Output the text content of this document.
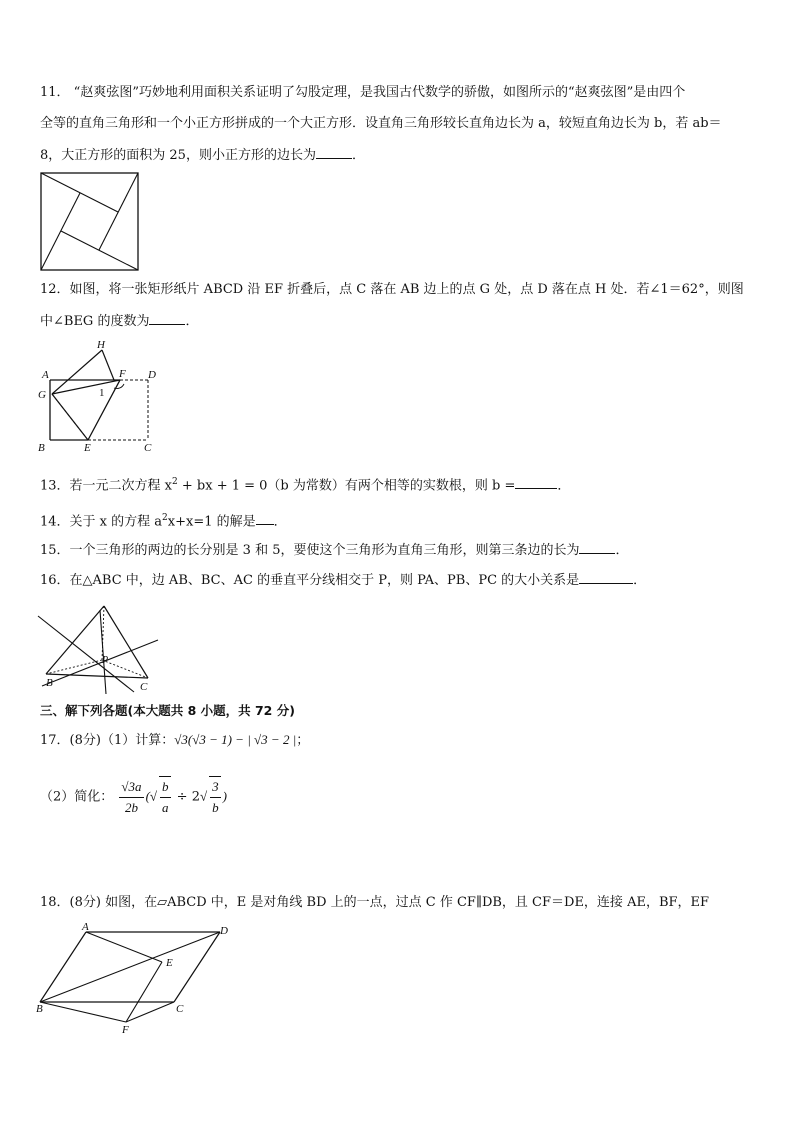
11． “赵爽弦图”巧妙地利用面积关系证明了勾股定理，是我国古代数学的骄傲，如图所示的“赵爽弦图”是由四个
全等的直角三角形和一个小正方形拼成的一个大正方形．设直角三角形较长直角边长为 a，较短直角边长为 b，若 ab＝
8，大正方形的面积为 25，则小正方形的边长为	．
12．如图，将一张矩形纸片 ABCD 沿 EF 折叠后，点 C 落在 AB 边上的点 G 处，点 D 落在点 H 处．若∠1＝62°，则图
中∠BEG 的度数为	．
H
A	F D
G	1
B	E	C
13．若一元二次方程 $x^2$ + bx + 1 = 0（b 为常数）有两个相等的实数根，则 b =	．
14．关于 x 的方程 $a^2x+x=1$ 的解是 ．
15．一个三角形的两边的长分别是 3 和 5，要使这个三角形为直角三角形，则第三条边的长为	．
16．在△ABC 中，边 AB、BC、AC 的垂直平分线相交于 P，则 PA、PB、PC 的大小关系是	．
P
B	C
三、解下列各题(本大题共 8 小题，共 72 分)
17．(8分)（1）计算：√3(√3 − 1) − | √3 − 2 |；
（2）简化： $\frac{√3a}{2b}$ (√ $\frac{b}{a} \div 2√ \frac{3}{b}$ )
18．(8分) 如图，在▱ABCD 中，E 是对角线 BD 上的一点，过点 C 作 CF∥DB，且 CF＝DE，连接 AE，BF，EF
A	D
E
B	C
F
